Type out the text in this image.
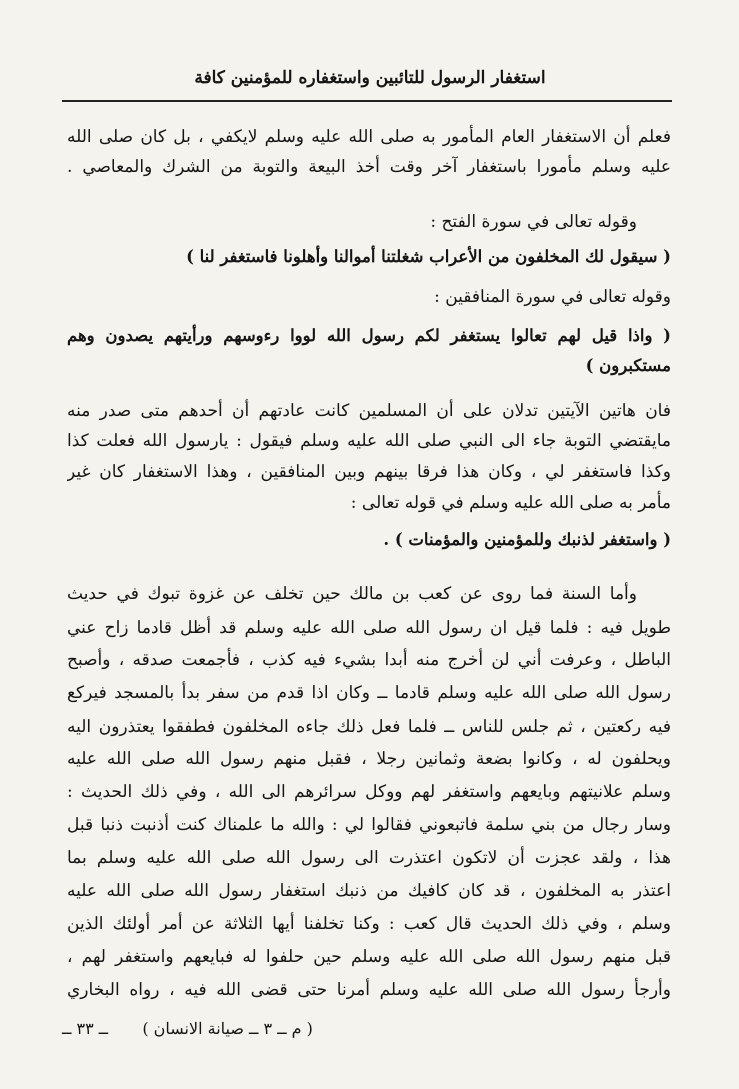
استغفار الرسول للتائبين واستغفاره للمؤمنين كافة
فعلم أن الاستغفار العام المأمور به صلى الله عليه وسلم لايكفي ، بل كان صلى الله
عليه وسلم مأمورا باستغفار آخر وقت أخذ البيعة والتوبة من الشرك والمعاصي .
وقوله تعالى في سورة الفتح :
( سيقول لك المخلفون من الأعراب شغلتنا أموالنا وأهلونا فاستغفر لنا )
وقوله تعالى في سورة المنافقين :
( واذا قيل لهم تعالوا يستغفر لكم رسول الله لووا رءوسهم ورأيتهم يصدون وهم
مستكبرون )
فان هاتين الآيتين تدلان على أن المسلمين كانت عادتهم أن أحدهم متى صدر منه
مايقتضي التوبة جاء الى النبي صلى الله عليه وسلم فيقول : يارسول الله فعلت كذا
وكذا فاستغفر لي ، وكان هذا فرقا بينهم وبين المنافقين ، وهذا الاستغفار كان غير
مأمر به صلى الله عليه وسلم في قوله تعالى :
( واستغفر لذنبك وللمؤمنين والمؤمنات ) .
وأما السنة فما روى عن كعب بن مالك حين تخلف عن غزوة تبوك في حديث
طويل فيه : فلما قيل ان رسول الله صلى الله عليه وسلم قد أظل قادما زاح عني
الباطل ، وعرفت أني لن أخرج منه أبدا بشيء فيه كذب ، فأجمعت صدقه ، وأصبح
رسول الله صلى الله عليه وسلم قادما ــ وكان اذا قدم من سفر بدأ بالمسجد فيركع
فيه ركعتين ، ثم جلس للناس ــ فلما فعل ذلك جاءه المخلفون فطفقوا يعتذرون اليه
ويحلفون له ، وكانوا بضعة وثمانين رجلا ، فقبل منهم رسول الله صلى الله عليه
وسلم علانيتهم وبايعهم واستغفر لهم ووكل سرائرهم الى الله ، وفي ذلك الحديث :
وسار رجال من بني سلمة فاتبعوني فقالوا لي : والله ما علمناك كنت أذنبت ذنبا قبل
هذا ، ولقد عجزت أن لاتكون اعتذرت الى رسول الله صلى الله عليه وسلم بما
اعتذر به المخلفون ، قد كان كافيك من ذنبك استغفار رسول الله صلى الله عليه
وسلم ، وفي ذلك الحديث قال كعب : وكنا تخلفنا أيها الثلاثة عن أمر أولئك الذين
قبل منهم رسول الله صلى الله عليه وسلم حين حلفوا له فبايعهم واستغفر لهم ،
وأرجأ رسول الله صلى الله عليه وسلم أمرنا حتى قضى الله فيه ، رواه البخاري
( م ــ ٣ ــ صيانة الانسان )  ــ ٣٣ ــ
